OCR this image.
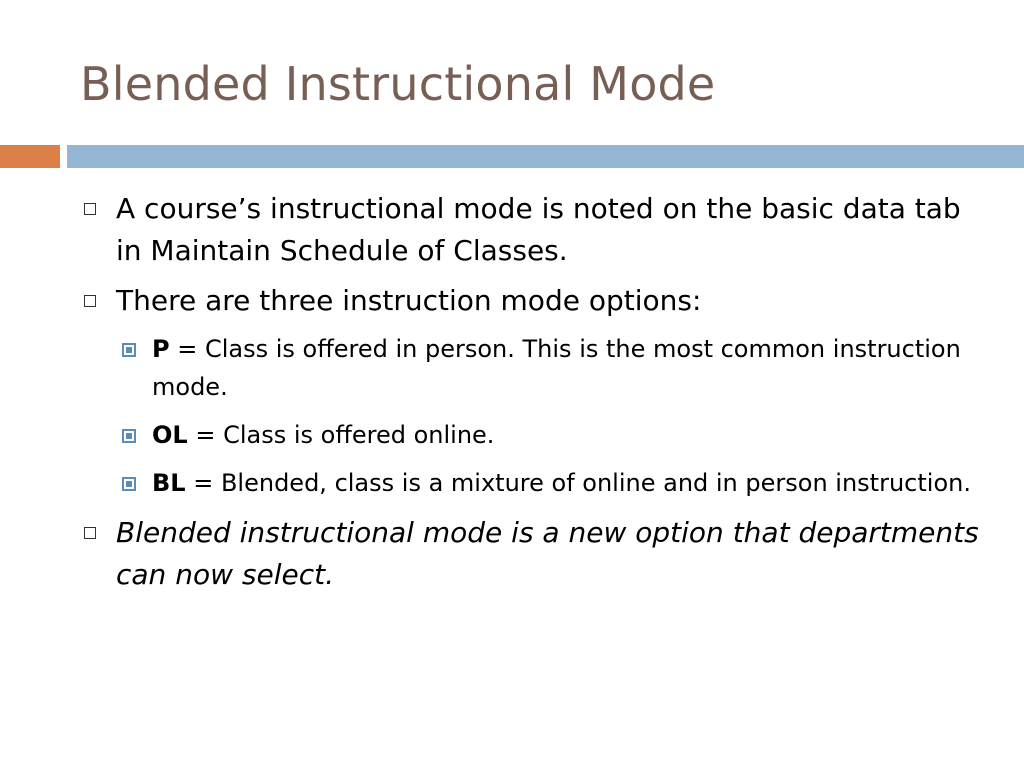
Blended Instructional Mode
A course’s instructional mode is noted on the basic data tab in Maintain Schedule of Classes.
There are three instruction mode options:
P = Class is offered in person. This is the most common instruction mode.
OL = Class is offered online.
BL = Blended, class is a mixture of online and in person instruction.
Blended instructional mode is a new option that departments can now select.
